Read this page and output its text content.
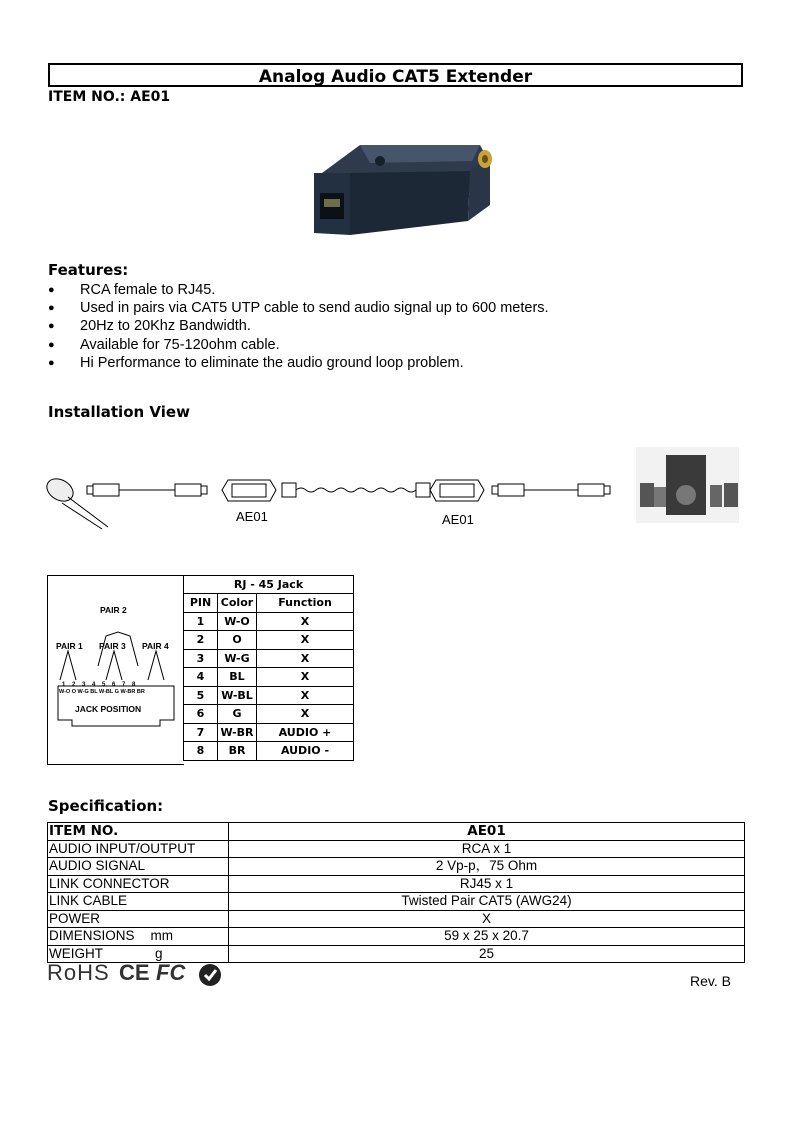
Analog Audio CAT5 Extender
ITEM NO.: AE01
Features:
● RCA female to RJ45.
● Used in pairs via CAT5 UTP cable to send audio signal up to 600 meters.
● 20Hz to 20Khz Bandwidth.
● Available for 75-120ohm cable.
● Hi Performance to eliminate the audio ground loop problem.
Installation View
AE01	AE01
PAIR 2
PAIR 1 PAIR 3 PAIR 4
1 2 3 4 5 6 7 8
W-O O W-G BL W-BL G W-BR BR
JACK POSITION
RJ - 45 Jack		
PIN	Color	Function
1	W-O	X
2	O	X
3	W-G	X
4	BL	X
5	W-BL	X
6	G	X
7	W-BR	AUDIO +
8	BR	AUDIO -
Specification:
ITEM NO.	AE01
AUDIO INPUT/OUTPUT	RCA x 1
AUDIO SIGNAL	2 Vp-p，75 Ohm
LINK CONNECTOR	RJ45 x 1
LINK CABLE	Twisted Pair CAT5 (AWG24)
POWER	X
DIMENSIONS mm	59 x 25 x 20.7
WEIGHT g	25
RoHS CE FC	Rev. B
